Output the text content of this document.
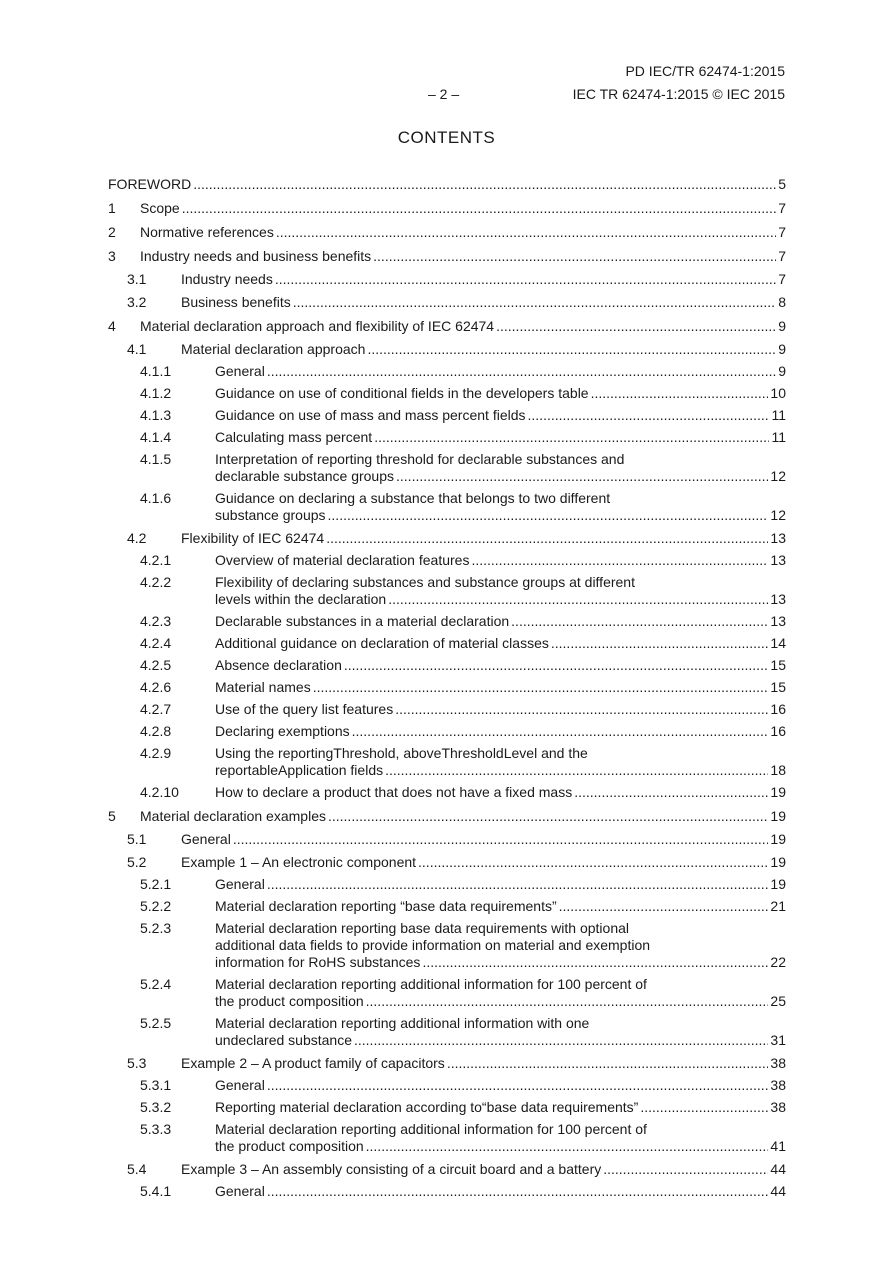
PD IEC/TR 62474-1:2015
– 2 –	IEC TR 62474-1:2015 © IEC 2015
CONTENTS
FOREWORD .....	5
1	Scope .....	7
2	Normative references .....	7
3	Industry needs and business benefits .....	7
3.1	Industry needs .....	7
3.2	Business benefits .....	8
4	Material declaration approach and flexibility of IEC 62474 .....	9
4.1	Material declaration approach .....	9
4.1.1	General .....	9
4.1.2	Guidance on use of conditional fields in the developers table .....	10
4.1.3	Guidance on use of mass and mass percent fields .....	11
4.1.4	Calculating mass percent .....	11
4.1.5	Interpretation of reporting threshold for declarable substances and
declarable substance groups .....	12
4.1.6	Guidance on declaring a substance that belongs to two different
substance groups .....	12
4.2	Flexibility of IEC 62474 .....	13
4.2.1	Overview of material declaration features .....	13
4.2.2	Flexibility of declaring substances and substance groups at different
levels within the declaration .....	13
4.2.3	Declarable substances in a material declaration .....	13
4.2.4	Additional guidance on declaration of material classes .....	14
4.2.5	Absence declaration .....	15
4.2.6	Material names .....	15
4.2.7	Use of the query list features .....	16
4.2.8	Declaring exemptions .....	16
4.2.9	Using the reportingThreshold, aboveThresholdLevel and the
reportableApplication fields .....	18
4.2.10	How to declare a product that does not have a fixed mass .....	19
5	Material declaration examples .....	19
5.1	General .....	19
5.2	Example 1 – An electronic component .....	19
5.2.1	General .....	19
5.2.2	Material declaration reporting “base data requirements” .....	21
5.2.3	Material declaration reporting base data requirements with optional
additional data fields to provide information on material and exemption
information for RoHS substances .....	22
5.2.4	Material declaration reporting additional information for 100 percent of
the product composition .....	25
5.2.5	Material declaration reporting additional information with one
undeclared substance .....	31
5.3	Example 2 – A product family of capacitors .....	38
5.3.1	General .....	38
5.3.2	Reporting material declaration according to“base data requirements” .....	38
5.3.3	Material declaration reporting additional information for 100 percent of
the product composition .....	41
5.4	Example 3 – An assembly consisting of a circuit board and a battery .....	44
5.4.1	General .....	44
